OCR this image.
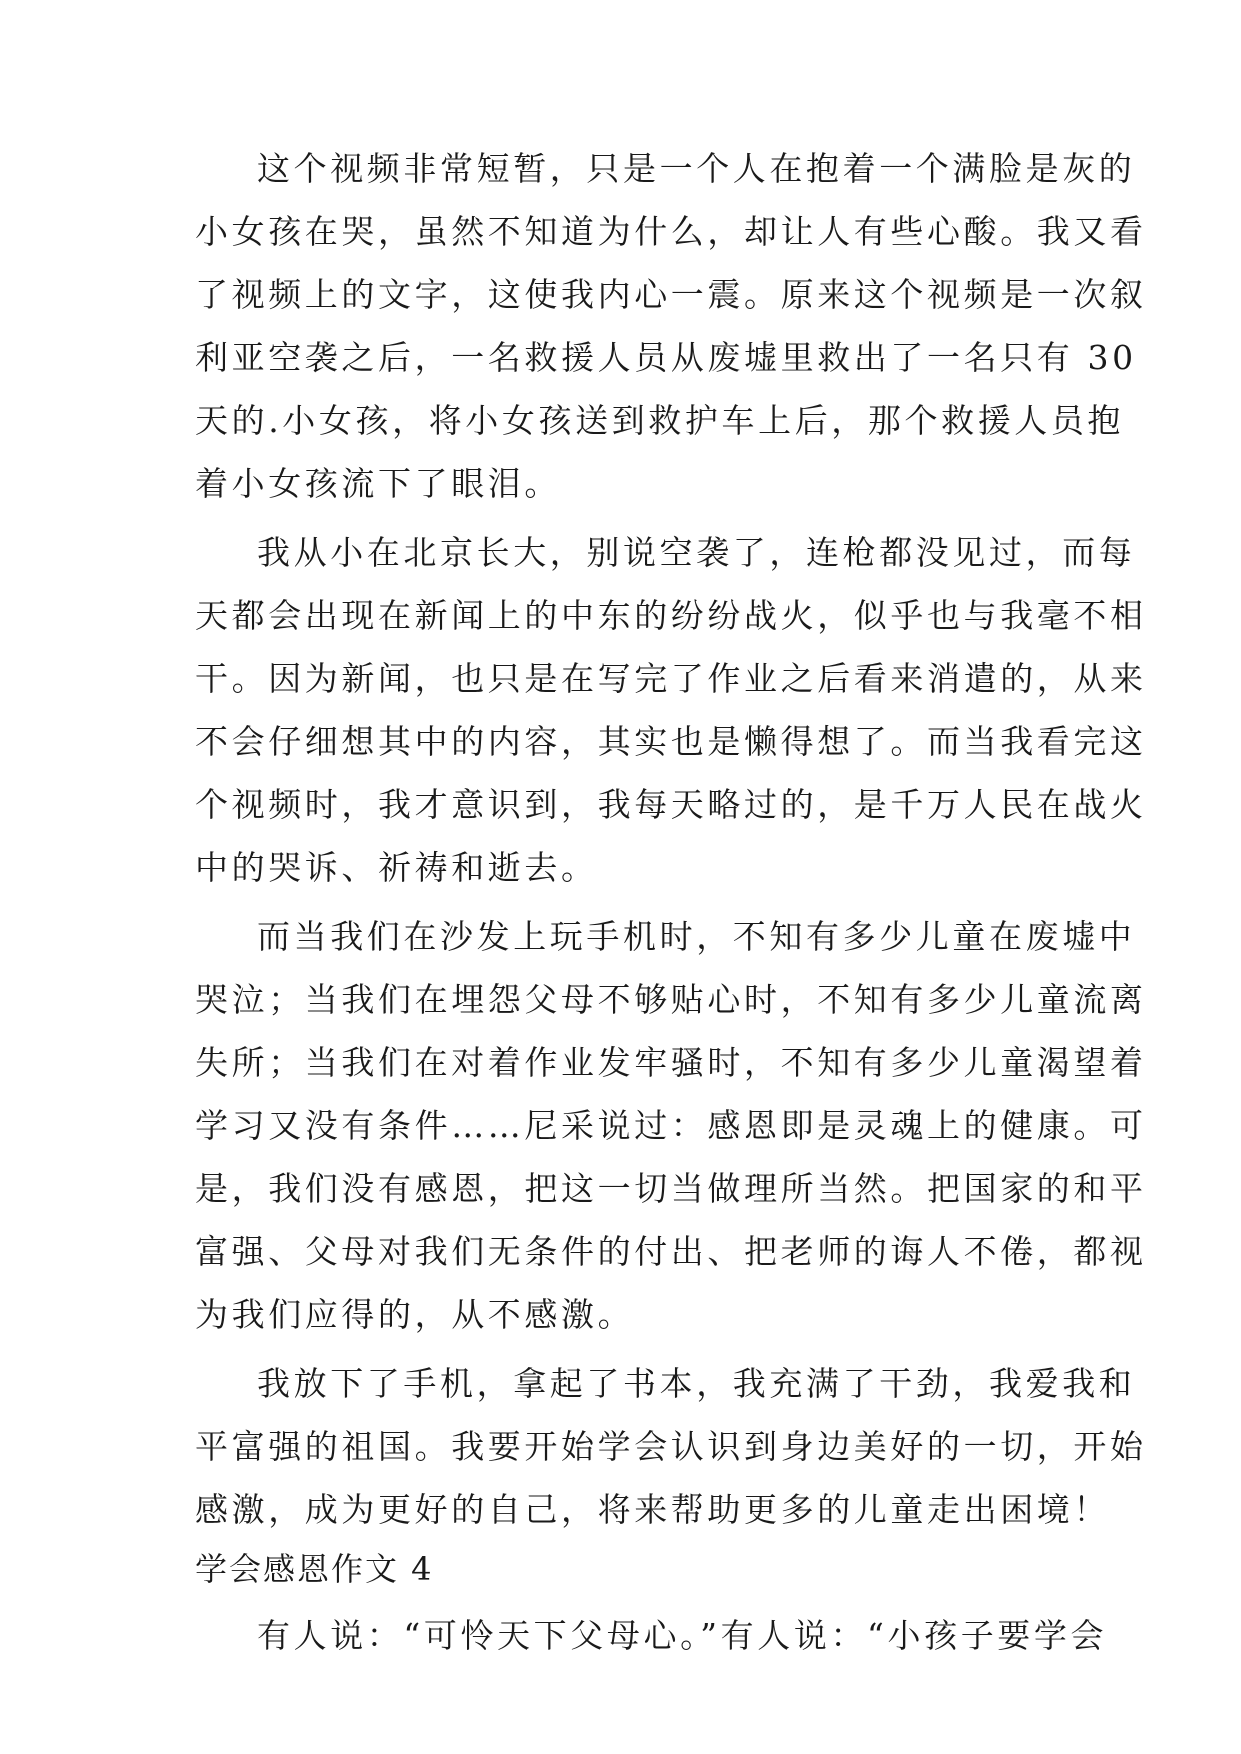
这个视频非常短暂，只是一个人在抱着一个满脸是灰的
小女孩在哭，虽然不知道为什么，却让人有些心酸。我又看
了视频上的文字，这使我内心一震。原来这个视频是一次叙
利亚空袭之后，一名救援人员从废墟里救出了一名只有 30
天的.小女孩，将小女孩送到救护车上后，那个救援人员抱
着小女孩流下了眼泪。
我从小在北京长大，别说空袭了，连枪都没见过，而每
天都会出现在新闻上的中东的纷纷战火，似乎也与我毫不相
干。因为新闻，也只是在写完了作业之后看来消遣的，从来
不会仔细想其中的内容，其实也是懒得想了。而当我看完这
个视频时，我才意识到，我每天略过的，是千万人民在战火
中的哭诉、祈祷和逝去。
而当我们在沙发上玩手机时，不知有多少儿童在废墟中
哭泣；当我们在埋怨父母不够贴心时，不知有多少儿童流离
失所；当我们在对着作业发牢骚时，不知有多少儿童渴望着
学习又没有条件……尼采说过：感恩即是灵魂上的健康。可
是，我们没有感恩，把这一切当做理所当然。把国家的和平
富强、父母对我们无条件的付出、把老师的诲人不倦，都视
为我们应得的，从不感激。
我放下了手机，拿起了书本，我充满了干劲，我爱我和
平富强的祖国。我要开始学会认识到身边美好的一切，开始
感激，成为更好的自己，将来帮助更多的儿童走出困境！
学会感恩作文 4
有人说：“可怜天下父母心。”有人说：“小孩子要学会
